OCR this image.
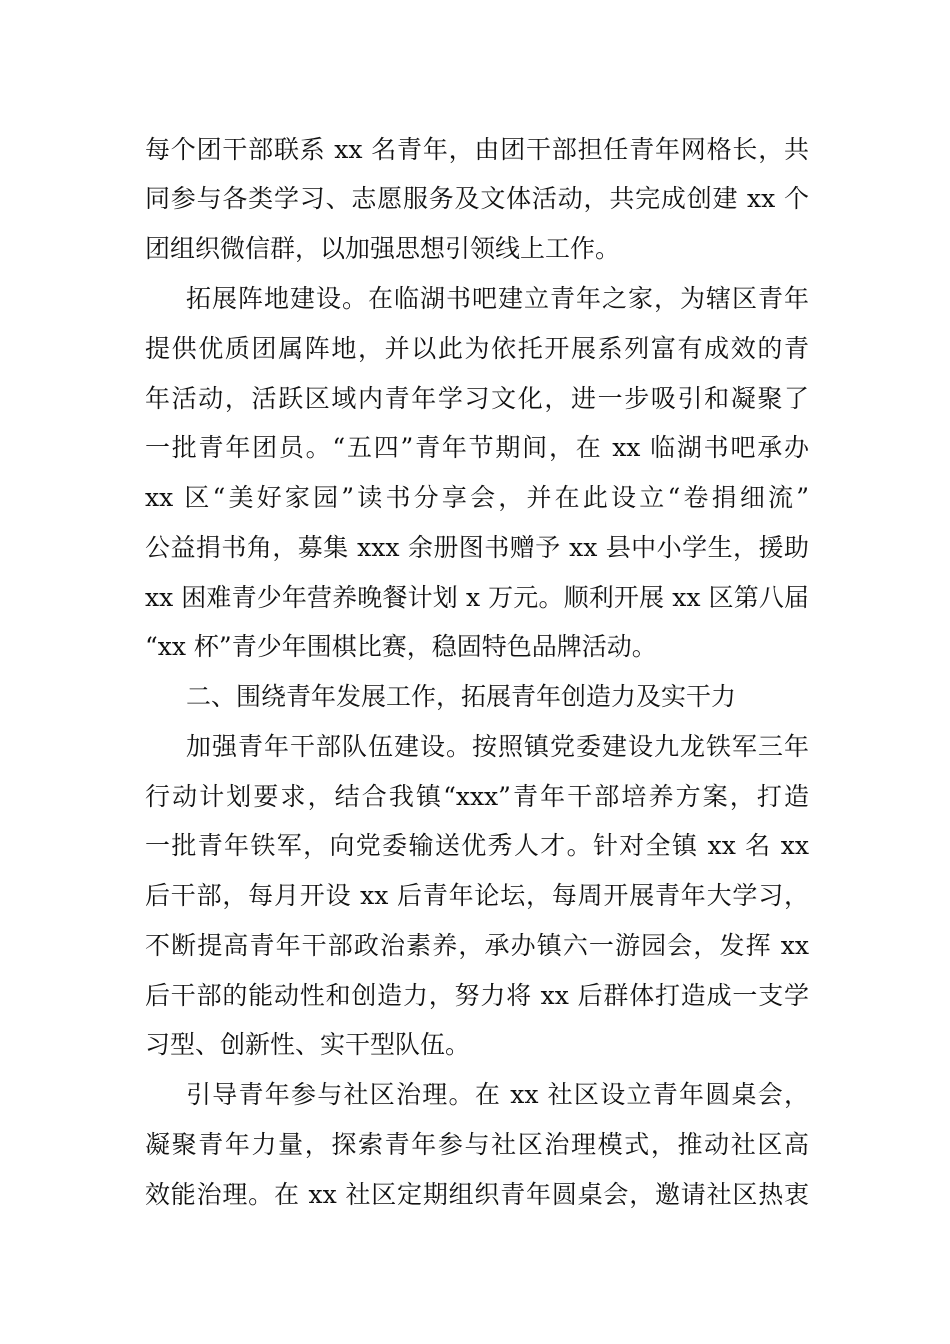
每个团干部联系 xx 名青年，由团干部担任青年网格长，共
同参与各类学习、志愿服务及文体活动，共完成创建 xx 个
团组织微信群，以加强思想引领线上工作。
拓展阵地建设。在临湖书吧建立青年之家，为辖区青年
提供优质团属阵地，并以此为依托开展系列富有成效的青
年活动，活跃区域内青年学习文化，进一步吸引和凝聚了
一批青年团员。“五四”青年节期间，在 xx 临湖书吧承办
xx 区“美好家园”读书分享会，并在此设立“卷捐细流”
公益捐书角，募集 xxx 余册图书赠予 xx 县中小学生，援助
xx 困难青少年营养晚餐计划 x 万元。顺利开展 xx 区第八届
“xx 杯”青少年围棋比赛，稳固特色品牌活动。
二、围绕青年发展工作，拓展青年创造力及实干力
加强青年干部队伍建设。按照镇党委建设九龙铁军三年
行动计划要求，结合我镇“xxx”青年干部培养方案，打造
一批青年铁军，向党委输送优秀人才。针对全镇 xx 名 xx
后干部，每月开设 xx 后青年论坛，每周开展青年大学习，
不断提高青年干部政治素养，承办镇六一游园会，发挥 xx
后干部的能动性和创造力，努力将 xx 后群体打造成一支学
习型、创新性、实干型队伍。
引导青年参与社区治理。在 xx 社区设立青年圆桌会，
凝聚青年力量，探索青年参与社区治理模式，推动社区高
效能治理。在 xx 社区定期组织青年圆桌会，邀请社区热衷
